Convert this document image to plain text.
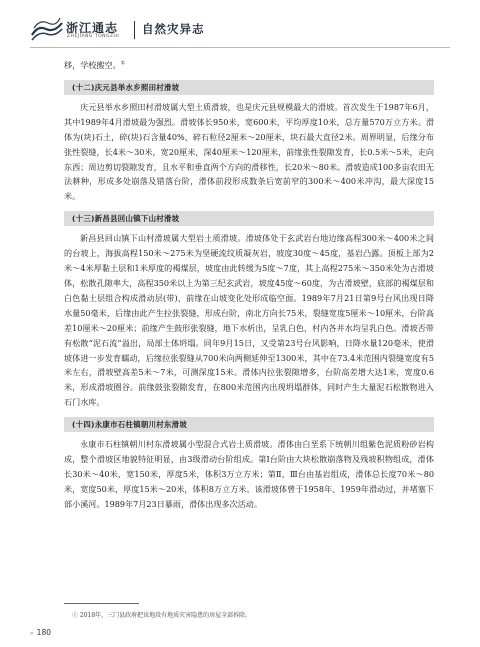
浙江通志
ZHEJIANG TONGZHI
自然灾异志

移，学校搬空。①

(十二)庆元县举水乡照田村滑坡

庆元县举水乡照田村滑坡属大型土质滑坡，也是庆元县规模最大的滑坡。首次发生于1987年6月，其中1989年4月滑坡最为强烈。滑坡体长950米，宽600米，平均厚度10米，总方量570万立方米。滑体为(块)石土，碎(块)石含量40%，碎石粒径2厘米～20厘米，块石最大直径2米。周界明显，后缘分布张性裂缝，长4米～30米，宽20厘米，深40厘米～120厘米，前缘张性裂隙发育，长0.5米～5米，走向东西；周边剪切裂隙发育，且水平和垂直两个方向的滑移性，长20米～80米。滑坡造成100多亩农田无法耕种，形成多处崩落及错落台阶，滑体前段形成数条后宽前窄的300米～400米冲沟，最大深度15米。

(十三)新昌县回山镇下山村滑坡

新昌县回山镇下山村滑坡属大型岩土质滑坡。滑坡体处于玄武岩台地边缘高程300米～400米之间的台坡上，海拔高程150米～275米为坚硬流纹质凝灰岩，坡度30度～45度，基岩凸露。顶板上部为2米～4米厚黏土层和1米厚度的褐煤层，坡度由此转缓为5度～7度，其上高程275米～350米处为古滑坡体，松散孔隙率大，高程350米以上为第三纪玄武岩，坡度45度～60度，为古滑坡壁，底部的褐煤层和白色黏土层组合构成滑动层(带)，前缘在山坡变化处形成临空面。1989年7月21日第9号台风出现日降水量50毫米，后缘由此产生拉张裂缝，形成台阶，南北方向长75米，裂缝宽度5厘米～10厘米，台阶高差10厘米～20厘米；前缘产生鼓形张裂缝，地下水析出，呈乳白色，村内各井水均呈乳白色。滑坡否带有松散“泥石流”溢出，局部土体坍塌。同年9月15日，又受第23号台风影响，日降水量120毫米，使滑坡体进一步发育蠕动，后缘拉张裂缝从700米向两侧延伸至1300米，其中在73.4米范围内裂缝宽度有5米左右，滑坡壁高差5米～7米，可测深度15米。滑体内拉张裂隙增多，台阶高差增大达1米，宽度0.6米，形成滑坡圈谷。前缘鼓张裂隙发育，在800米范围内出现坍塌群体，同时产生大量泥石松散物进入石门水库。

(十四)永康市石柱镇朝川村东滑坡

永康市石柱镇朝川村东滑坡属小型混合式岩土质滑坡。滑体由白垩系下统朝川组紫色泥质粉砂岩构成，整个滑坡区地貌特征明显，由3级滑动台阶组成。第Ⅰ台阶由大块松散崩落物及残坡积物组成，滑体长30米～40米，宽150米，厚度5米，体积3万立方米；第Ⅱ、Ⅲ台由基岩组成，滑体总长度70米～80米，宽度50米，厚度15米～20米，体积8万立方米。该滑坡体曾于1958年、1959年滑动过，并堵塞下部小溪河。1989年7月23日暴雨，滑体出现多次活动。

① 2018年，三门县政府把该地段有地质灾害隐患的房屋全部拆除。
» 180
